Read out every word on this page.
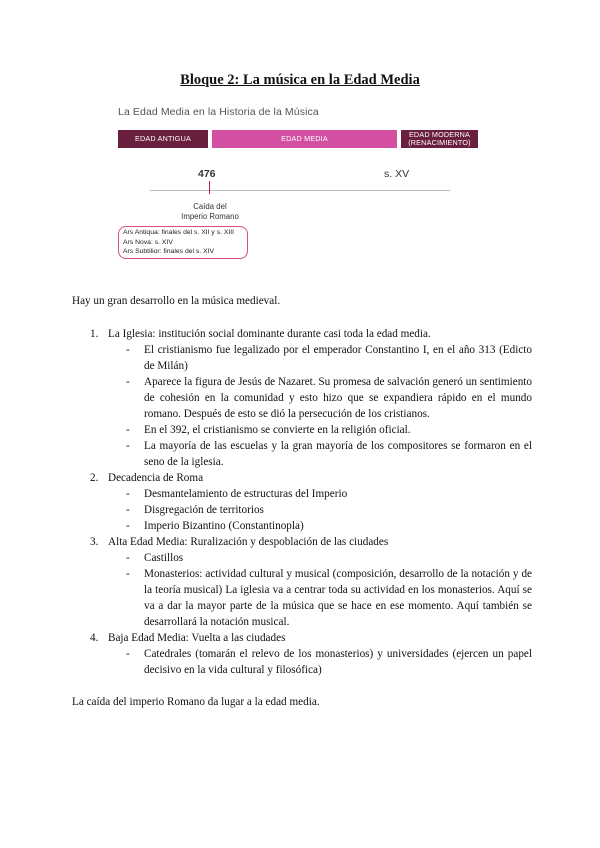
Bloque 2: La música en la Edad Media
La Edad Media en la Historia de la Música
EDAD ANTIGUA	EDAD MEDIA	EDAD MODERNA
(RENACIMIENTO)
476	s. XV
Caída del
Imperio Romano
Ars Antiqua: finales del s. XII y s. XIII
Ars Nova: s. XIV
Ars Subtilior: finales del s. XIV
Hay un gran desarrollo en la música medieval.
1. La Iglesia: institución social dominante durante casi toda la edad media.
- El cristianismo fue legalizado por el emperador Constantino I, en el año 313 (Edicto de Milán)
- Aparece la figura de Jesús de Nazaret. Su promesa de salvación generó un sentimiento de cohesión en la comunidad y esto hizo que se expandiera rápido en el mundo romano. Después de esto se dió la persecución de los cristianos.
- En el 392, el cristianismo se convierte en la religión oficial.
- La mayoría de las escuelas y la gran mayoría de los compositores se formaron en el seno de la iglesia.
2. Decadencia de Roma
- Desmantelamiento de estructuras del Imperio
- Disgregación de territorios
- Imperio Bizantino (Constantinopla)
3. Alta Edad Media: Ruralización y despoblación de las ciudades
- Castillos
- Monasterios: actividad cultural y musical (composición, desarrollo de la notación y de la teoría musical) La iglesia va a centrar toda su actividad en los monasterios. Aquí se va a dar la mayor parte de la música que se hace en ese momento. Aquí también se desarrollará la notación musical.
4. Baja Edad Media: Vuelta a las ciudades
- Catedrales (tomarán el relevo de los monasterios) y universidades (ejercen un papel decisivo en la vida cultural y filosófica)
La caída del imperio Romano da lugar a la edad media.
